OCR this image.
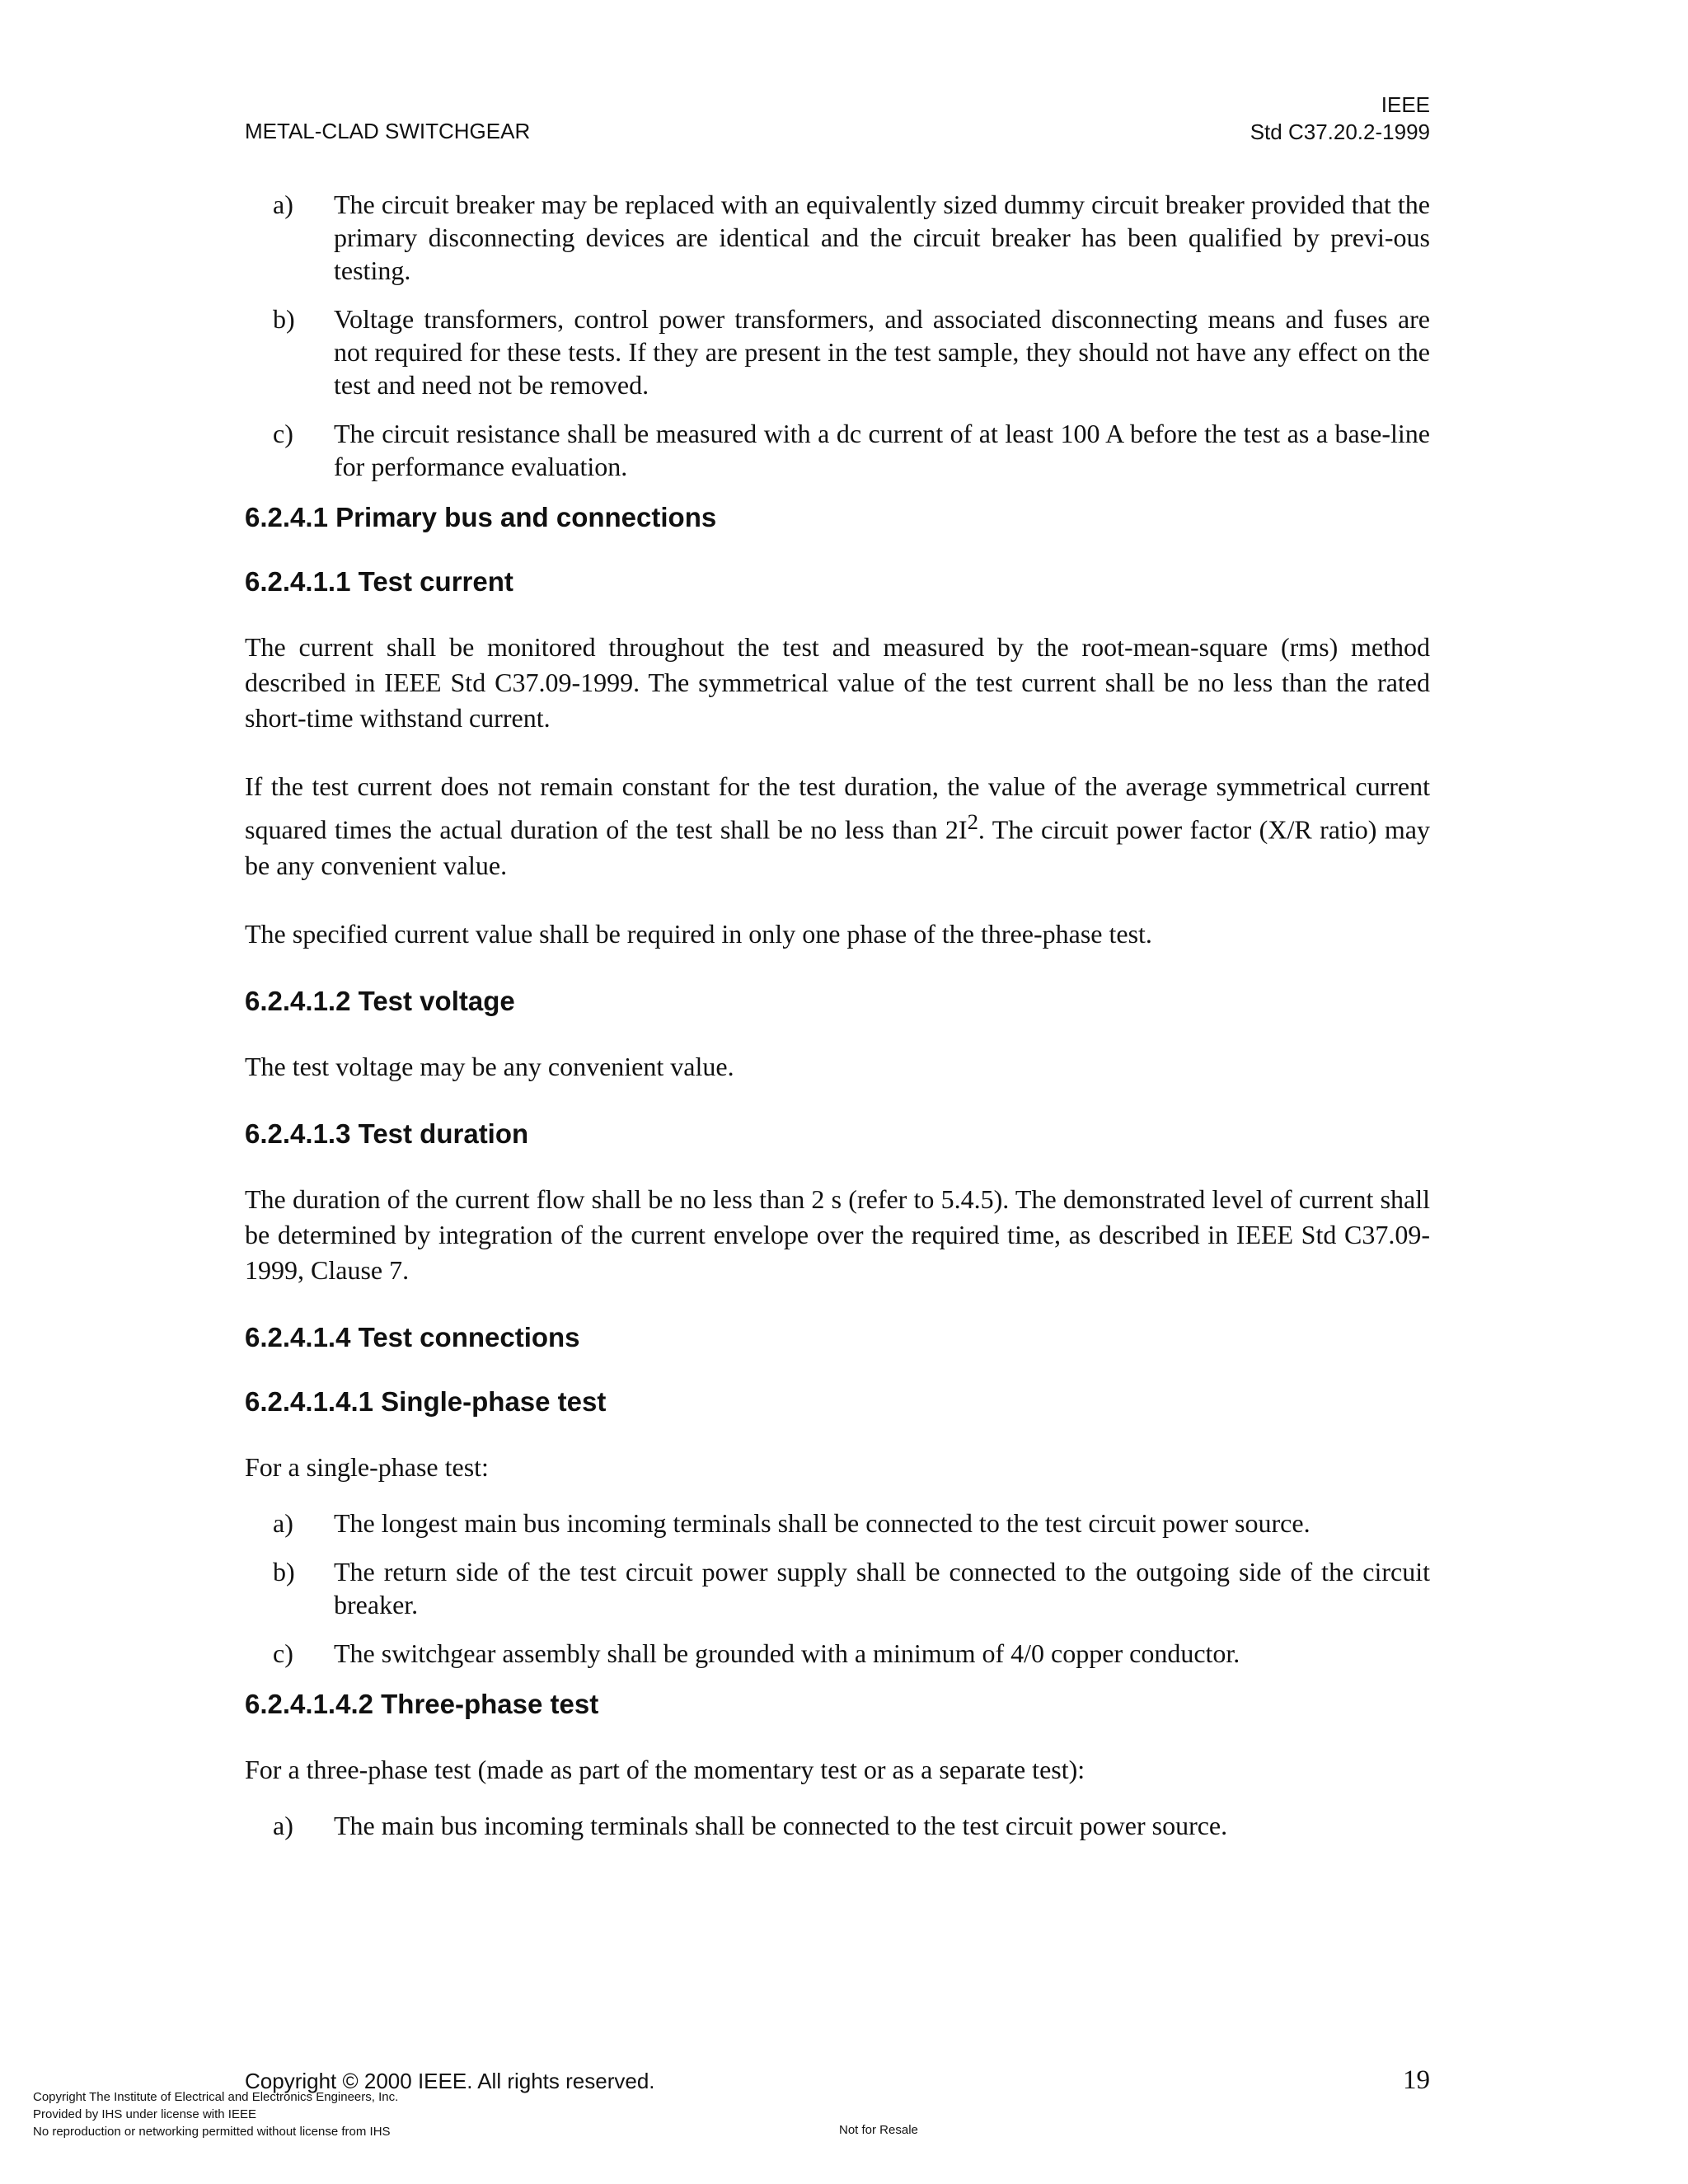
METAL-CLAD SWITCHGEAR
IEEE
Std C37.20.2-1999
a) The circuit breaker may be replaced with an equivalently sized dummy circuit breaker provided that the primary disconnecting devices are identical and the circuit breaker has been qualified by previ-ous testing.
b) Voltage transformers, control power transformers, and associated disconnecting means and fuses are not required for these tests. If they are present in the test sample, they should not have any effect on the test and need not be removed.
c) The circuit resistance shall be measured with a dc current of at least 100 A before the test as a base-line for performance evaluation.
6.2.4.1 Primary bus and connections
6.2.4.1.1 Test current
The current shall be monitored throughout the test and measured by the root-mean-square (rms) method described in IEEE Std C37.09-1999. The symmetrical value of the test current shall be no less than the rated short-time withstand current.
If the test current does not remain constant for the test duration, the value of the average symmetrical current squared times the actual duration of the test shall be no less than $2I^2$. The circuit power factor (X/R ratio) may be any convenient value.
The specified current value shall be required in only one phase of the three-phase test.
6.2.4.1.2 Test voltage
The test voltage may be any convenient value.
6.2.4.1.3 Test duration
The duration of the current flow shall be no less than 2 s (refer to 5.4.5). The demonstrated level of current shall be determined by integration of the current envelope over the required time, as described in IEEE Std C37.09-1999, Clause 7.
6.2.4.1.4 Test connections
6.2.4.1.4.1 Single-phase test
For a single-phase test:
a) The longest main bus incoming terminals shall be connected to the test circuit power source.
b) The return side of the test circuit power supply shall be connected to the outgoing side of the circuit breaker.
c) The switchgear assembly shall be grounded with a minimum of 4/0 copper conductor.
6.2.4.1.4.2 Three-phase test
For a three-phase test (made as part of the momentary test or as a separate test):
a) The main bus incoming terminals shall be connected to the test circuit power source.
Copyright © 2000 IEEE. All rights reserved.	19
Copyright The Institute of Electrical and Electronics Engineers, Inc.
Provided by IHS under license with IEEE
No reproduction or networking permitted without license from IHS	Not for Resale
